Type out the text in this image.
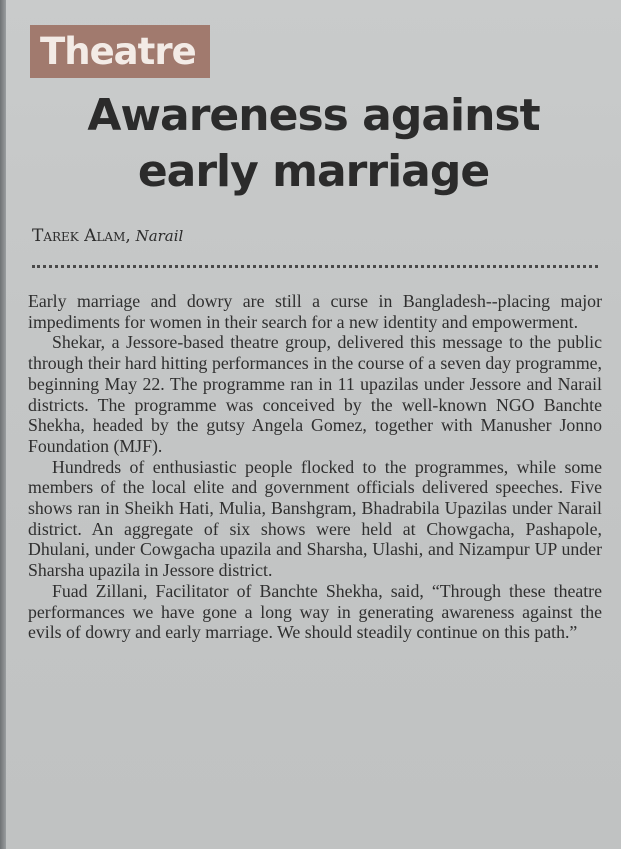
Theatre
Awareness against
early marriage
Tarek Alam, Narail

Early marriage and dowry are still a curse in Bangladesh--placing major impediments for women in their search for a new identity and empowerment.

Shekar, a Jessore-based theatre group, delivered this message to the public through their hard hitting performances in the course of a seven day programme, beginning May 22. The programme ran in 11 upazilas under Jessore and Narail districts. The programme was conceived by the well-known NGO Banchte Shekha, headed by the gutsy Angela Gomez, together with Manusher Jonno Foundation (MJF).

Hundreds of enthusiastic people flocked to the programmes, while some members of the local elite and government officials delivered speeches. Five shows ran in Sheikh Hati, Mulia, Banshgram, Bhadrabila Upazilas under Narail district. An aggregate of six shows were held at Chowgacha, Pashapole, Dhulani, under Cowgacha upazila and Sharsha, Ulashi, and Nizampur UP under Sharsha upazila in Jessore district.

Fuad Zillani, Facilitator of Banchte Shekha, said, “Through these theatre performances we have gone a long way in generating awareness against the evils of dowry and early marriage. We should steadily continue on this path.”
